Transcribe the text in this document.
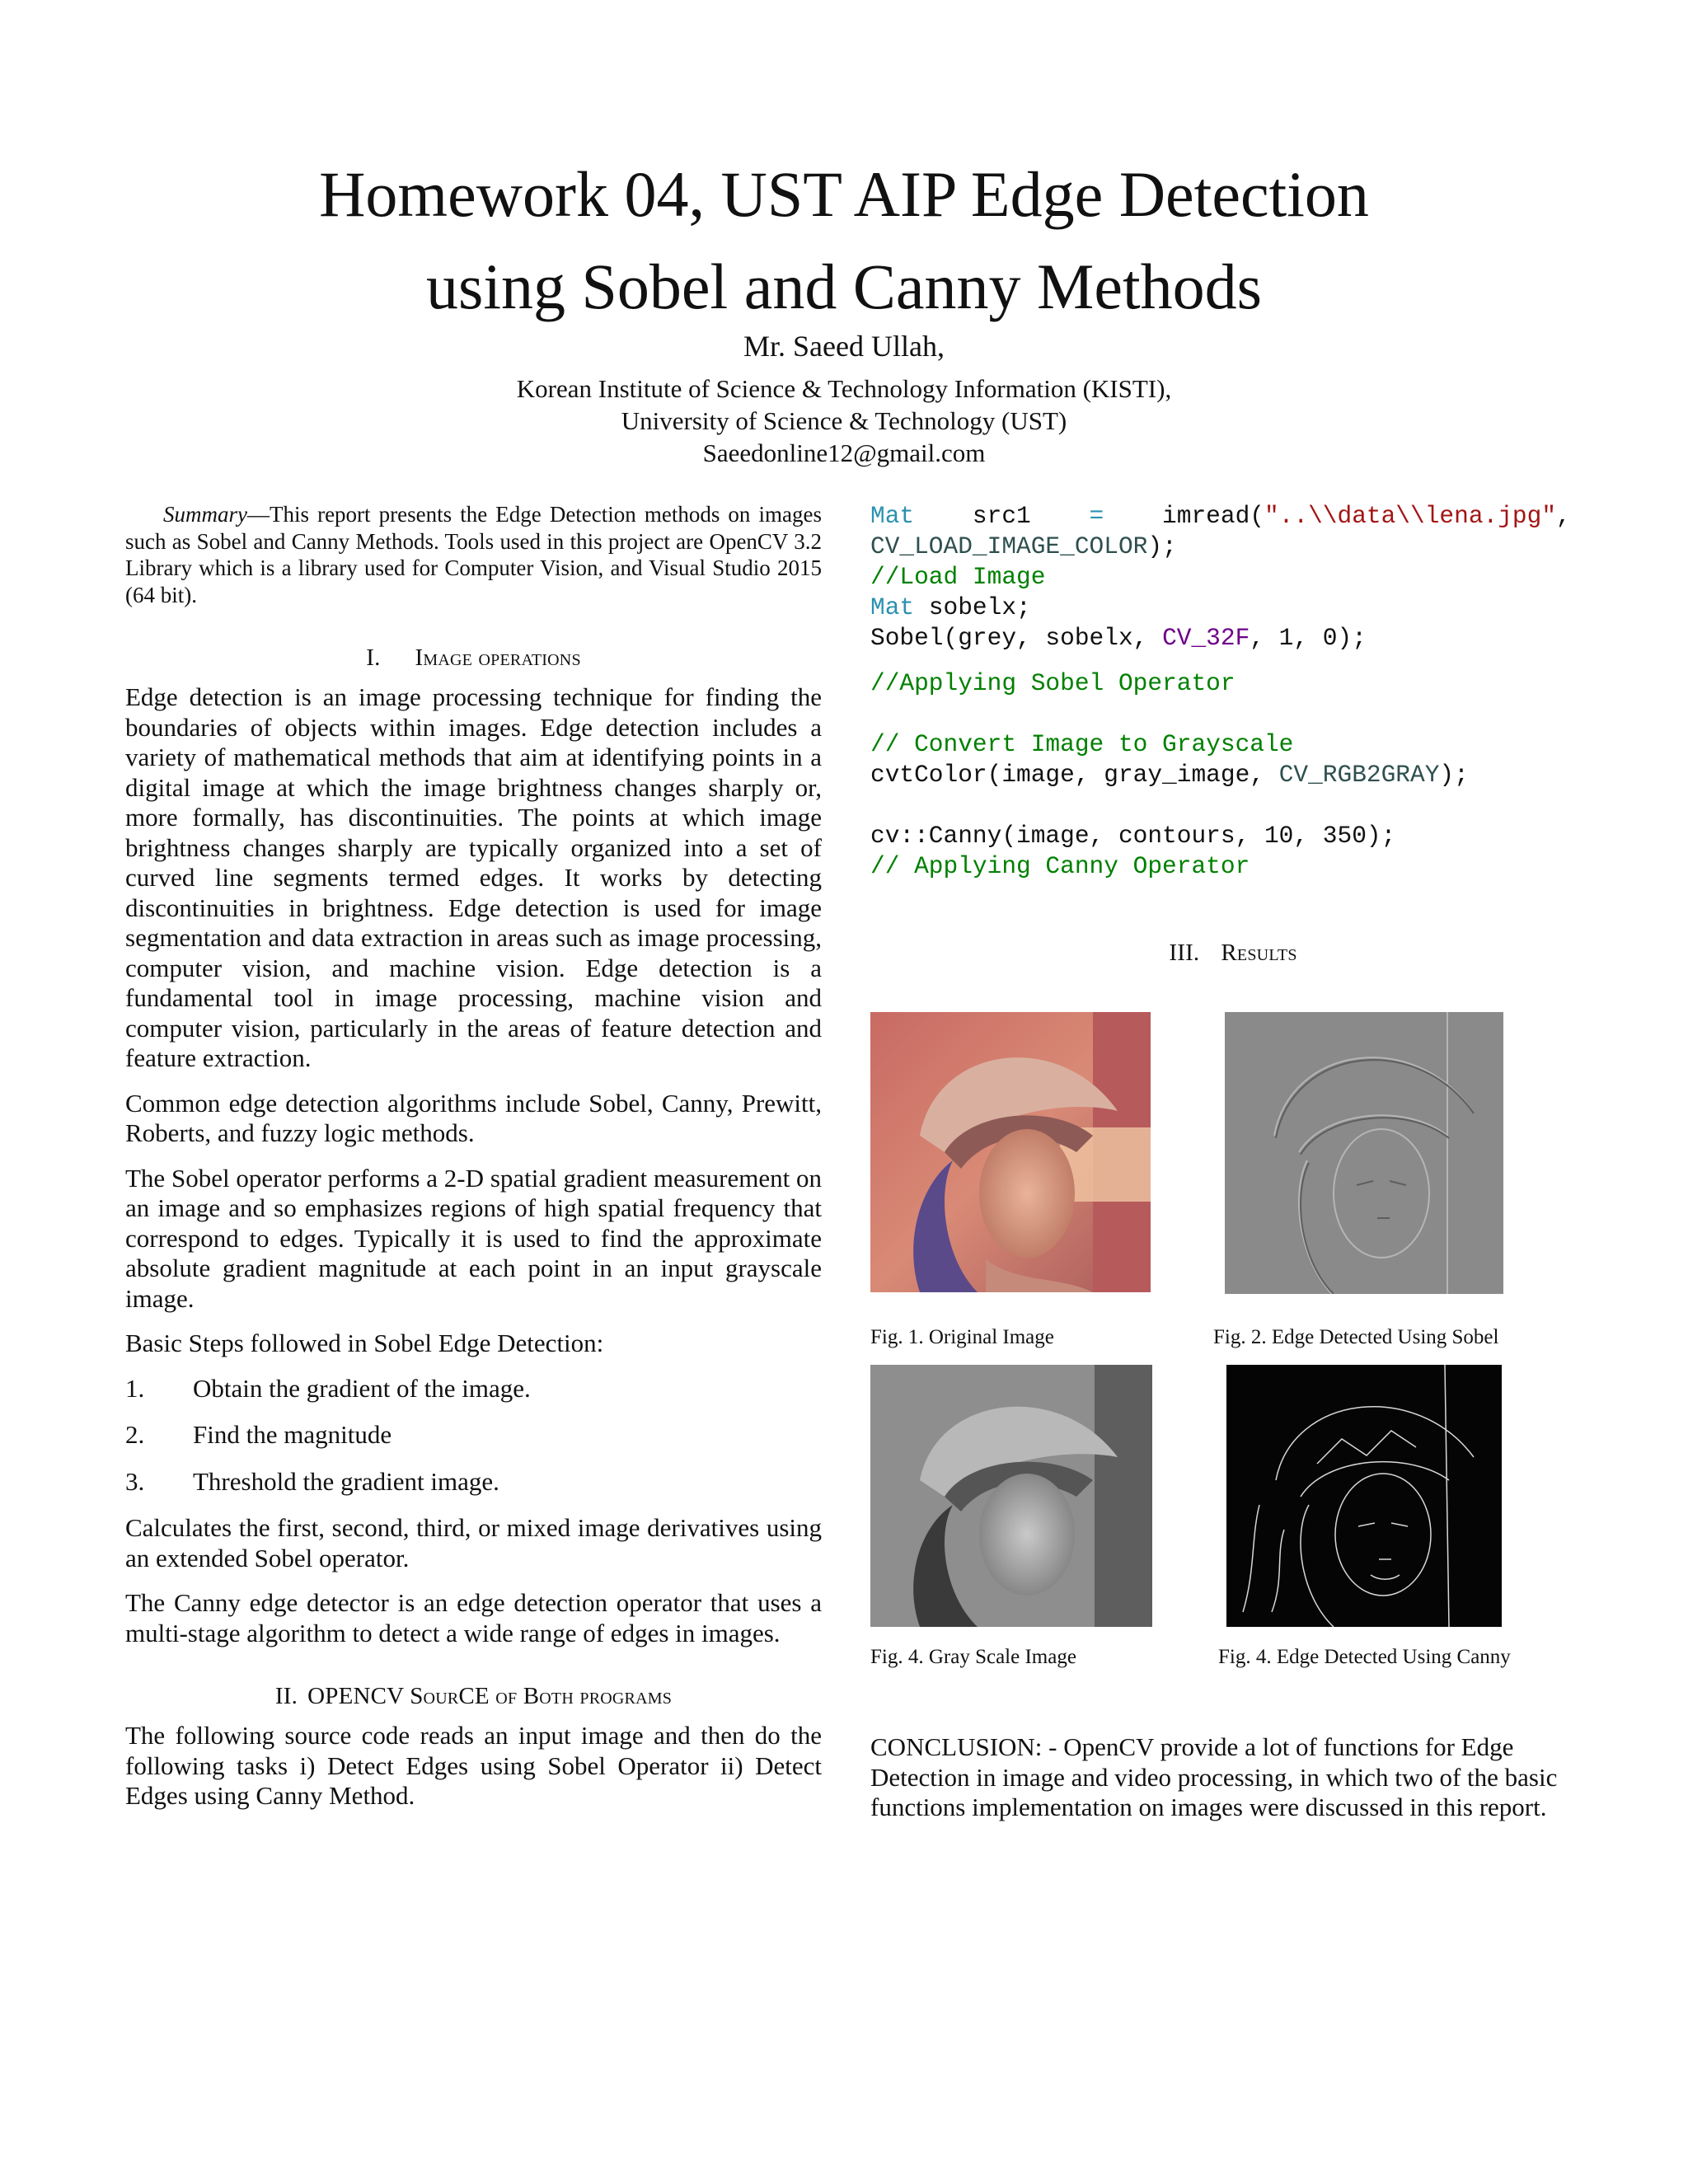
Homework 04, UST AIP Edge Detection
using Sobel and Canny Methods
Mr. Saeed Ullah,
Korean Institute of Science & Technology Information (KISTI),
University of Science & Technology (UST)
Saeedonline12@gmail.com

Summary—This report presents the Edge Detection methods on images such as Sobel and Canny Methods. Tools used in this project are OpenCV 3.2 Library which is a library used for Computer Vision, and Visual Studio 2015 (64 bit).

I. Image operations

Edge detection is an image processing technique for finding the boundaries of objects within images. Edge detection includes a variety of mathematical methods that aim at identifying points in a digital image at which the image brightness changes sharply or, more formally, has discontinuities. The points at which image brightness changes sharply are typically organized into a set of curved line segments termed edges. It works by detecting discontinuities in brightness. Edge detection is used for image segmentation and data extraction in areas such as image processing, computer vision, and machine vision. Edge detection is a fundamental tool in image processing, machine vision and computer vision, particularly in the areas of feature detection and feature extraction.

Common edge detection algorithms include Sobel, Canny, Prewitt, Roberts, and fuzzy logic methods.

The Sobel operator performs a 2-D spatial gradient measurement on an image and so emphasizes regions of high spatial frequency that correspond to edges. Typically it is used to find the approximate absolute gradient magnitude at each point in an input grayscale image.

Basic Steps followed in Sobel Edge Detection:

1.	Obtain the gradient of the image.
2.	Find the magnitude
3.	Threshold the gradient image.

Calculates the first, second, third, or mixed image derivatives using an extended Sobel operator.

The Canny edge detector is an edge detection operator that uses a multi-stage algorithm to detect a wide range of edges in images.

II. OPENCV SourCE of Both programs

The following source code reads an input image and then do the following tasks i) Detect Edges using Sobel Operator ii) Detect Edges using Canny Method.

Mat    src1    =    imread("..\\data\\lena.jpg",

CV_LOAD_IMAGE_COLOR);

//Load Image

Mat sobelx;

Sobel(grey, sobelx, CV_32F, 1, 0);

//Applying Sobel Operator

// Convert Image to Grayscale

cvtColor(image, gray_image, CV_RGB2GRAY);

cv::Canny(image, contours, 10, 350);

// Applying Canny Operator

III. Results

Fig. 1. Original Image	Fig. 2. Edge Detected Using Sobel
Fig. 4. Gray Scale Image	Fig. 4. Edge Detected Using Canny

CONCLUSION: - OpenCV provide a lot of functions for Edge Detection in image and video processing, in which two of the basic functions implementation on images were discussed in this report.
